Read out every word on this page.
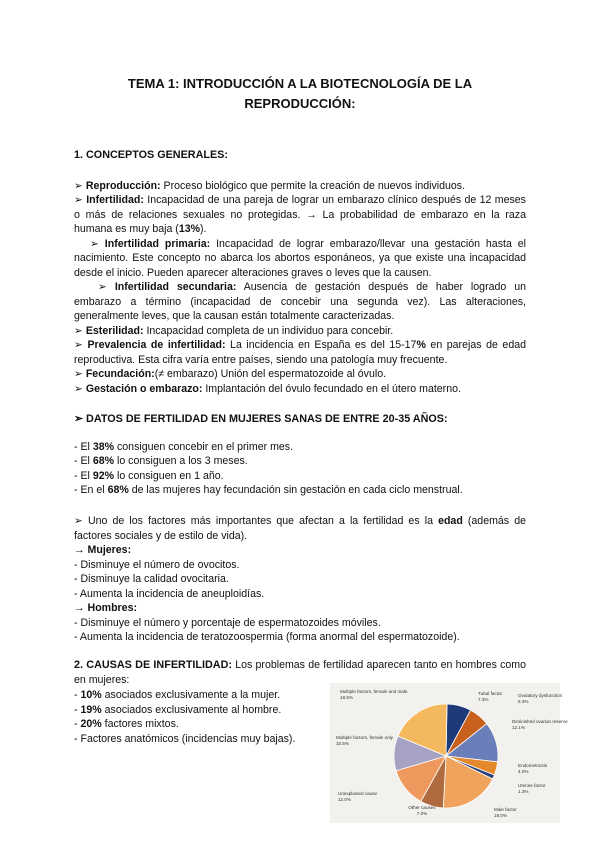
TEMA 1: INTRODUCCIÓN A LA BIOTECNOLOGÍA DE LA
REPRODUCCIÓN:

1. CONCEPTOS GENERALES:

➢ Reproducción: Proceso biológico que permite la creación de nuevos individuos.

➢ Infertilidad: Incapacidad de una pareja de lograr un embarazo clínico después de 12 meses o más de relaciones sexuales no protegidas. → La probabilidad de embarazo en la raza humana es muy baja (13%).

➢ Infertilidad primaria: Incapacidad de lograr embarazo/llevar una gestación hasta el nacimiento. Este concepto no abarca los abortos esponáneos, ya que existe una incapacidad desde el inicio. Pueden aparecer alteraciones graves o leves que la causen.

➢ Infertilidad secundaria: Ausencia de gestación después de haber logrado un embarazo a término (incapacidad de concebir una segunda vez). Las alteraciones, generalmente leves, que la causan están totalmente caracterizadas.

➢ Esterilidad: Incapacidad completa de un individuo para concebir.

➢ Prevalencia de infertilidad: La incidencia en España es del 15-17% en parejas de edad reproductiva. Esta cifra varía entre países, siendo una patología muy frecuente.

➢ Fecundación:(≠ embarazo) Unión del espermatozoide al óvulo.

➢ Gestación o embarazo: Implantación del óvulo fecundado en el útero materno.

➢ DATOS DE FERTILIDAD EN MUJERES SANAS DE ENTRE 20-35 AÑOS:

- El 38% consiguen concebir en el primer mes.

- El 68% lo consiguen a los 3 meses.

- El 92% lo consiguen en 1 año.

- En el 68% de las mujeres hay fecundación sin gestación en cada ciclo menstrual.

➢ Uno de los factores más importantes que afectan a la fertilidad es la edad (además de factores sociales y de estilo de vida).

→ Mujeres:

- Disminuye el número de ovocitos.

- Disminuye la calidad ovocitaria.

- Aumenta la incidencia de aneuploidías.

→ Hombres:

- Disminuye el número y porcentaje de espermatozoides móviles.

- Aumenta la incidencia de teratozoospermia (forma anormal del espermatozoide).

2. CAUSAS DE INFERTILIDAD: Los problemas de fertilidad aparecen tanto en hombres como en mujeres:

- 10% asociados exclusivamente a la mujer.

- 19% asociados exclusivamente al hombre.

- 20% factores mixtos.

- Factores anatómicos (incidencias muy bajas).

Tubal factor 7.3%
Ovulatory dysfunction 6.3%
Diminished ovarian reserve 12.1%
Endometriosis 4.0%
Uterine factor 1.3%
Male factor 18.0%
Other causes 7.0%
Unexplained cause 12.0%
Multiple factors, female only 10.5%
Multiple factors, female and male 18.5%
